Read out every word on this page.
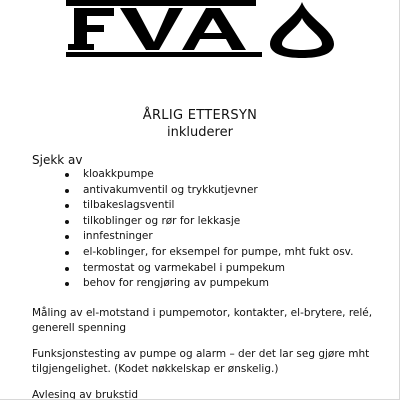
ÅRLIG ETTERSYN
inkluderer
Sjekk av
kloakkpumpe
antivakumventil og trykkutjevner
tilbakeslagsventil
tilkoblinger og rør for lekkasje
innfestninger
el-koblinger, for eksempel for pumpe, mht fukt osv.
termostat og varmekabel i pumpekum
behov for rengjøring av pumpekum
Måling av el-motstand i pumpemotor, kontakter, el-brytere, relé, generell spenning
Funksjonstesting av pumpe og alarm – der det lar seg gjøre mht tilgjengelighet. (Kodet nøkkelskap er ønskelig.)
Avlesing av brukstid
